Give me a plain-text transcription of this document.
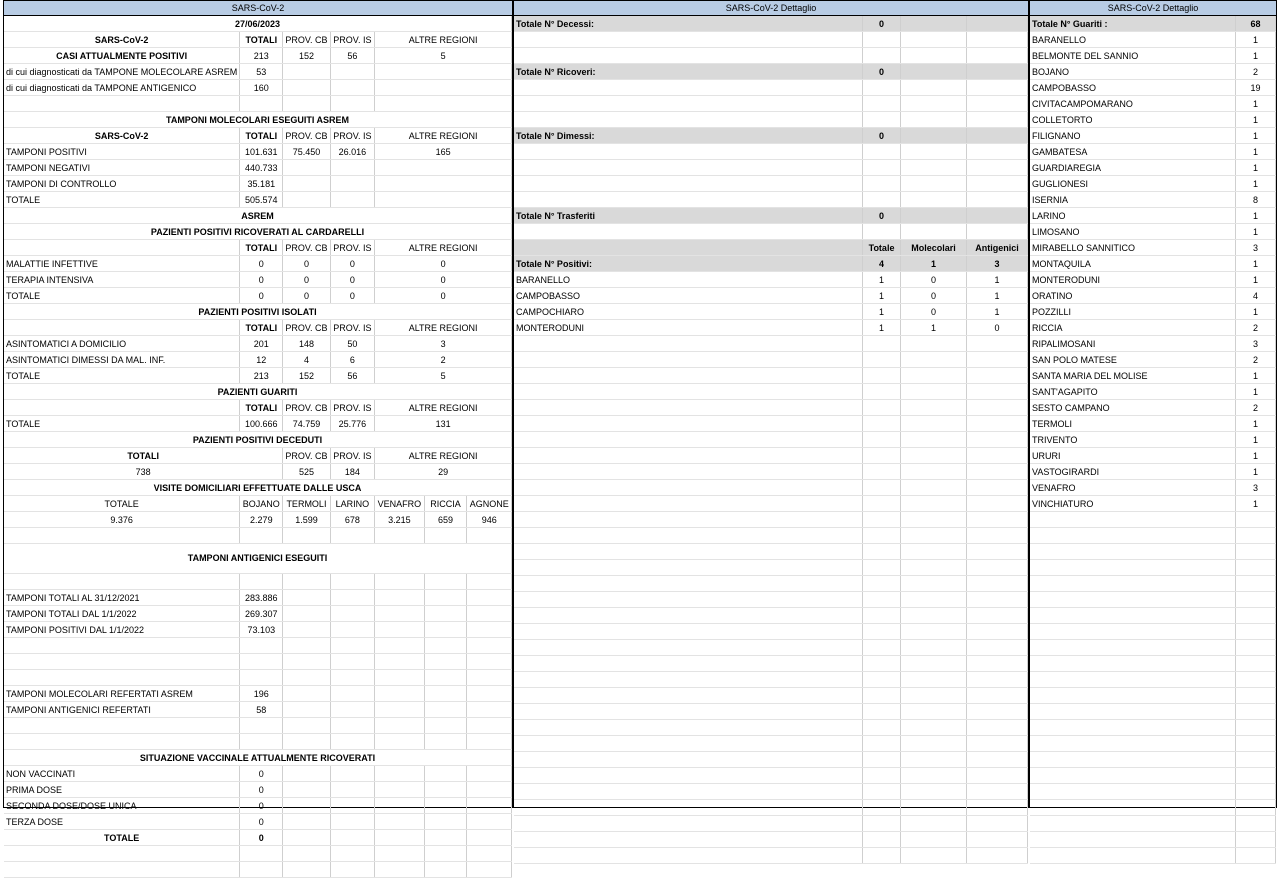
SARS-CoV-2
27/06/2023						
SARS-CoV-2	TOTALI	PROV. CB	PROV. IS	ALTRE REGIONI		
CASI ATTUALMENTE POSITIVI	213	152	56	5		
di cui diagnosticati da TAMPONE MOLECOLARE ASREM	53					
di cui diagnosticati da TAMPONE ANTIGENICO	160					

TAMPONI MOLECOLARI ESEGUITI ASREM						
SARS-CoV-2	TOTALI	PROV. CB	PROV. IS	ALTRE REGIONI		
TAMPONI POSITIVI	101.631	75.450	26.016	165		
TAMPONI NEGATIVI	440.733					
TAMPONI DI CONTROLLO	35.181					
TOTALE	505.574					
ASREM						
PAZIENTI POSITIVI RICOVERATI AL CARDARELLI						
	TOTALI	PROV. CB	PROV. IS	ALTRE REGIONI		
MALATTIE INFETTIVE	0	0	0	0		
TERAPIA INTENSIVA	0	0	0	0		
TOTALE	0	0	0	0		
PAZIENTI POSITIVI ISOLATI						
	TOTALI	PROV. CB	PROV. IS	ALTRE REGIONI		
ASINTOMATICI A DOMICILIO	201	148	50	3		
ASINTOMATICI DIMESSI DA MAL. INF.	12	4	6	2		
TOTALE	213	152	56	5		
PAZIENTI GUARITI						
	TOTALI	PROV. CB	PROV. IS	ALTRE REGIONI		
TOTALE	100.666	74.759	25.776	131		
PAZIENTI POSITIVI DECEDUTI						
TOTALI		PROV. CB	PROV. IS	ALTRE REGIONI		
738		525	184	29		
VISITE DOMICILIARI EFFETTUATE DALLE USCA						
TOTALE	BOJANO	TERMOLI	LARINO	VENAFRO	RICCIA	AGNONE
9.376	2.279	1.599	678	3.215	659	946

TAMPONI ANTIGENICI ESEGUITI						

TAMPONI TOTALI AL 31/12/2021	283.886					
TAMPONI TOTALI DAL 1/1/2022	269.307					
TAMPONI POSITIVI DAL 1/1/2022	73.103					

TAMPONI MOLECOLARI REFERTATI ASREM	196					
TAMPONI ANTIGENICI REFERTATI	58					

SITUAZIONE VACCINALE ATTUALMENTE RICOVERATI						
NON VACCINATI	0					
PRIMA DOSE	0					
SECONDA DOSE/DOSE UNICA	0					
TERZA DOSE	0					
TOTALE	0					

SARS-CoV-2 Dettaglio
Totale N° Decessi:	0		

Totale N° Ricoveri:	0		

Totale N° Dimessi:	0		

Totale N° Trasferiti	0		

	Totale	Molecolari	Antigenici
Totale N° Positivi:	4	1	3
BARANELLO	1	0	1
CAMPOBASSO	1	0	1
CAMPOCHIARO	1	0	1
MONTERODUNI	1	1	0

SARS-CoV-2 Dettaglio
Totale N° Guariti :	68
BARANELLO	1
BELMONTE DEL SANNIO	1
BOJANO	2
CAMPOBASSO	19
CIVITACAMPOMARANO	1
COLLETORTO	1
FILIGNANO	1
GAMBATESA	1
GUARDIAREGIA	1
GUGLIONESI	1
ISERNIA	8
LARINO	1
LIMOSANO	1
MIRABELLO SANNITICO	3
MONTAQUILA	1
MONTERODUNI	1
ORATINO	4
POZZILLI	1
RICCIA	2
RIPALIMOSANI	3
SAN POLO MATESE	2
SANTA MARIA DEL MOLISE	1
SANT'AGAPITO	1
SESTO CAMPANO	2
TERMOLI	1
TRIVENTO	1
URURI	1
VASTOGIRARDI	1
VENAFRO	3
VINCHIATURO	1
